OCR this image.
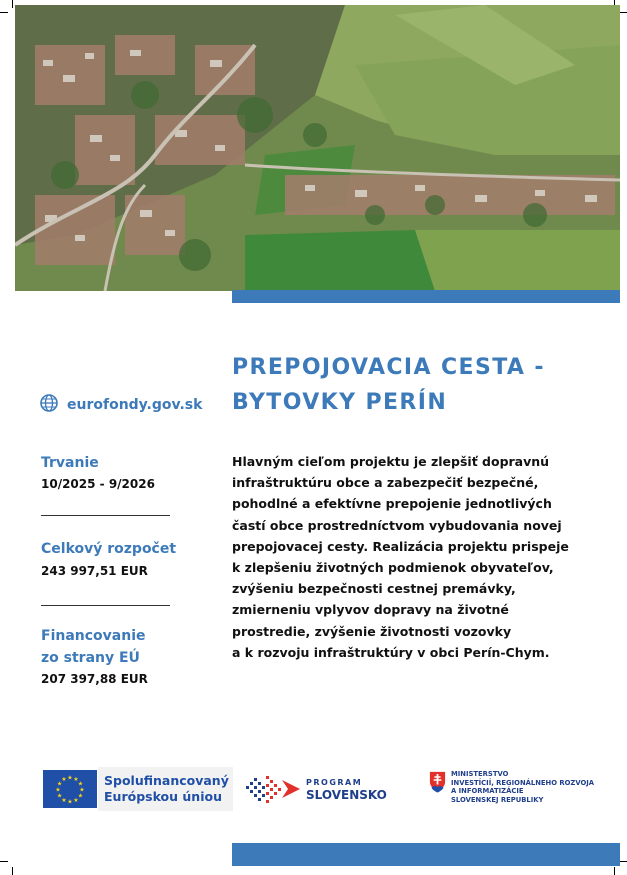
PREPOJOVACIA CESTA -
BYTOVKY PERÍN
eurofondy.gov.sk
Trvanie
10/2025 - 9/2026
Celkový rozpočet
243 997,51 EUR
Financovanie
zo strany EÚ
207 397,88 EUR
Hlavným cieľom projektu je zlepšiť dopravnú
infraštruktúru obce a zabezpečiť bezpečné,
pohodlné a efektívne prepojenie jednotlivých
častí obce prostredníctvom vybudovania novej
prepojovacej cesty. Realizácia projektu prispeje
k zlepšeniu životných podmienok obyvateľov,
zvýšeniu bezpečnosti cestnej premávky,
zmierneniu vplyvov dopravy na životné
prostredie, zvýšenie životnosti vozovky
a k rozvoju infraštruktúry v obci Perín-Chym.
★ ★
★
★
★
★
★
★
★
★
★
★	Spolufinancovaný
Európskou úniou
PROGRAM
SLOVENSKO
MINISTERSTVO
INVESTÍCIÍ, REGIONÁLNEHO ROZVOJA
A INFORMATIZÁCIE
SLOVENSKEJ REPUBLIKY
